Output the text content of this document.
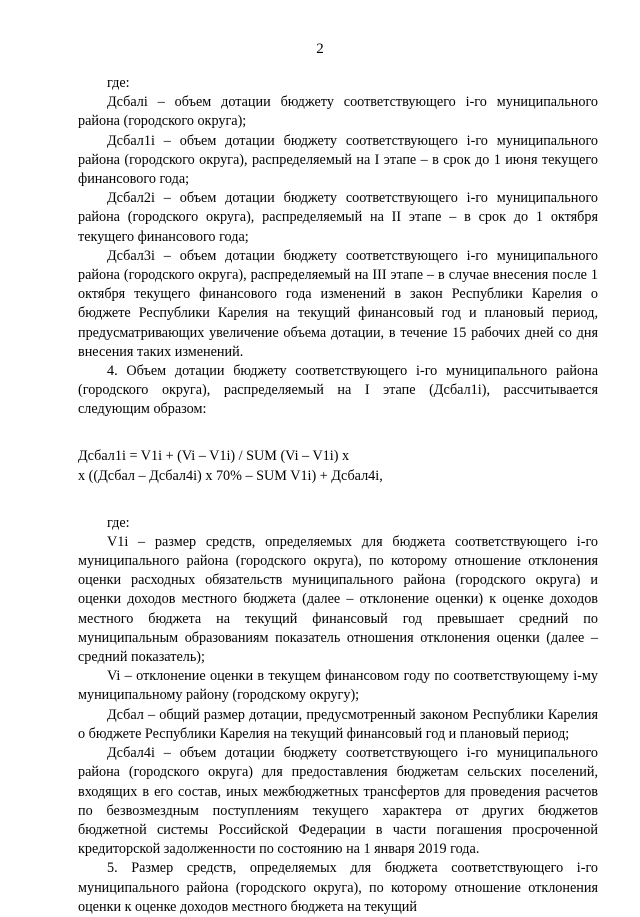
2

где:

Дсбалi – объем дотации бюджету соответствующего i-го муниципального района (городского округа);

Дсбал1i – объем дотации бюджету соответствующего i-го муниципального района (городского округа), распределяемый на I этапе – в срок до 1 июня текущего финансового года;

Дсбал2i – объем дотации бюджету соответствующего i-го муниципального района (городского округа), распределяемый на II этапе – в срок до 1 октября текущего финансового года;

Дсбал3i – объем дотации бюджету соответствующего i-го муниципального района (городского округа), распределяемый на III этапе – в случае внесения после 1 октября текущего финансового года изменений в закон Республики Карелия о бюджете Республики Карелия на текущий финансовый год и плановый период, предусматривающих увеличение объема дотации, в течение 15 рабочих дней со дня внесения таких изменений.

4. Объем дотации бюджету соответствующего i-го муниципального района (городского округа), распределяемый на I этапе (Дсбал1i), рассчитывается следующим образом:

Дсбал1i = V1i + (Vi – V1i) / SUM (Vi – V1i) x

x ((Дсбал – Дсбал4i) x 70% – SUM V1i) + Дсбал4i,

где:

V1i – размер средств, определяемых для бюджета соответствующего i-го муниципального района (городского округа), по которому отношение отклонения оценки расходных обязательств муниципального района (городского округа) и оценки доходов местного бюджета (далее – отклонение оценки) к оценке доходов местного бюджета на текущий финансовый год превышает средний по муниципальным образованиям показатель отношения отклонения оценки (далее – средний показатель);

Vi – отклонение оценки в текущем финансовом году по соответствующему i-му муниципальному району (городскому округу);

Дсбал – общий размер дотации, предусмотренный законом Республики Карелия о бюджете Республики Карелия на текущий финансовый год и плановый период;

Дсбал4i – объем дотации бюджету соответствующего i-го муниципального района (городского округа) для предоставления бюджетам сельских поселений, входящих в его состав, иных межбюджетных трансфертов для проведения расчетов по безвозмездным поступлениям текущего характера от других бюджетов бюджетной системы Российской Федерации в части погашения просроченной кредиторской задолженности по состоянию на 1 января 2019 года.

5. Размер средств, определяемых для бюджета соответствующего i-го муниципального района (городского округа), по которому отношение отклонения оценки к оценке доходов местного бюджета на текущий
